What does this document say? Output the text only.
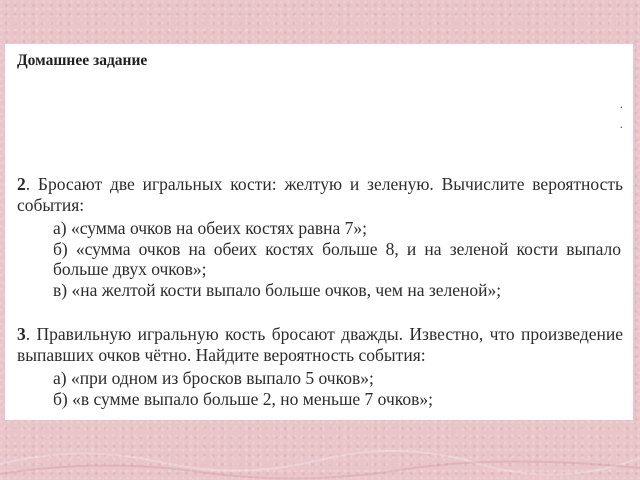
Домашнее задание
.
.
2. Бросают две игральных кости: желтую и зеленую. Вычислите вероятность события:
а) «сумма очков на обеих костях равна 7»;
б) «сумма очков на обеих костях больше 8, и на зеленой кости выпало больше двух очков»;
в) «на желтой кости выпало больше очков, чем на зеленой»;
3. Правильную игральную кость бросают дважды. Известно, что произведение выпавших очков чётно. Найдите вероятность события:
а) «при одном из бросков выпало 5 очков»;
б) «в сумме выпало больше 2, но меньше 7 очков»;
